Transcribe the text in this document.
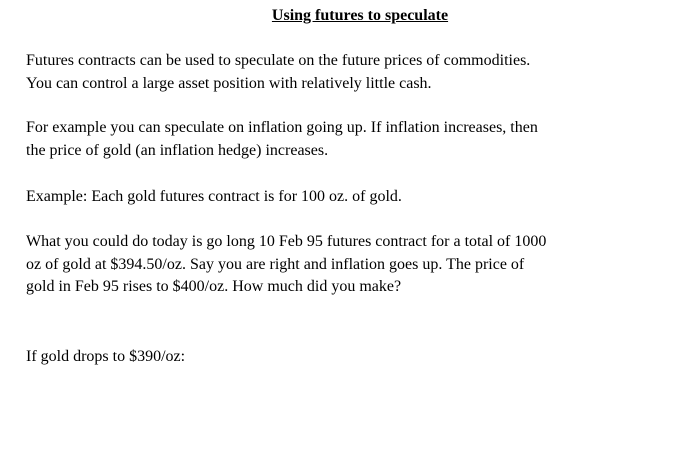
Using futures to speculate

Futures contracts can be used to speculate on the future prices of commodities.
You can control a large asset position with relatively little cash.

For example you can speculate on inflation going up. If inflation increases, then
the price of gold (an inflation hedge) increases.

Example: Each gold futures contract is for 100 oz. of gold.

What you could do today is go long 10 Feb 95 futures contract for a total of 1000
oz of gold at $394.50/oz. Say you are right and inflation goes up. The price of
gold in Feb 95 rises to $400/oz. How much did you make?

If gold drops to $390/oz:
